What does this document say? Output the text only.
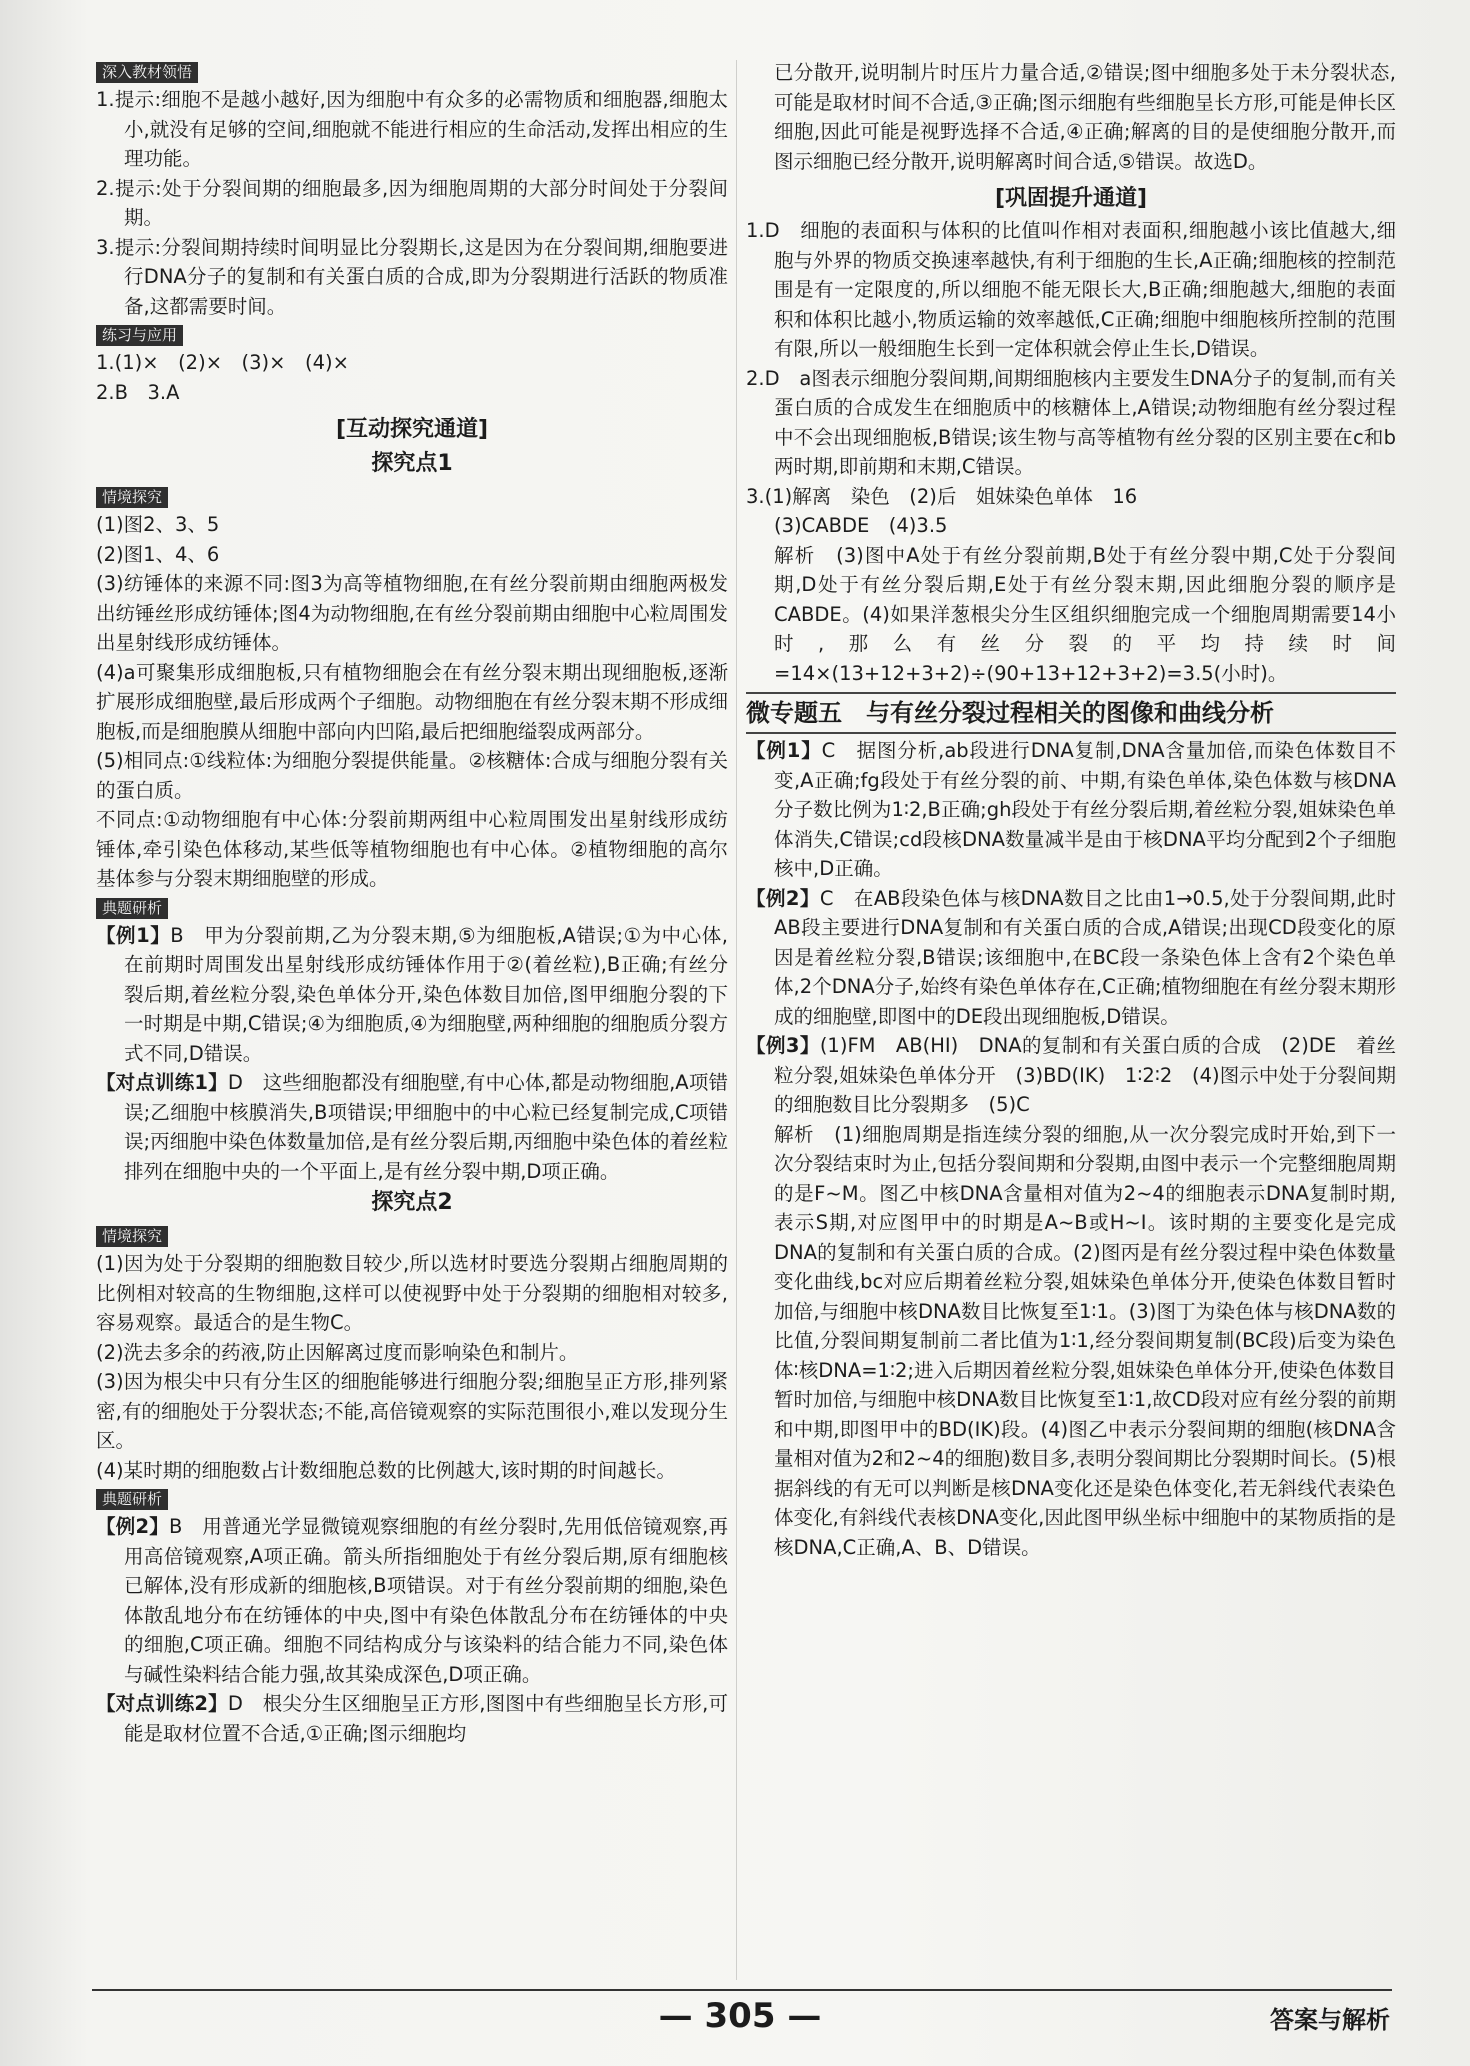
深入教材领悟

1.提示:细胞不是越小越好,因为细胞中有众多的必需物质和细胞器,细胞太小,就没有足够的空间,细胞就不能进行相应的生命活动,发挥出相应的生理功能。

2.提示:处于分裂间期的细胞最多,因为细胞周期的大部分时间处于分裂间期。

3.提示:分裂间期持续时间明显比分裂期长,这是因为在分裂间期,细胞要进行DNA分子的复制和有关蛋白质的合成,即为分裂期进行活跃的物质准备,这都需要时间。

练习与应用

1.(1)×　(2)×　(3)×　(4)×

2.B　3.A

[互动探究通道]
探究点1
情境探究

(1)图2、3、5

(2)图1、4、6

(3)纺锤体的来源不同:图3为高等植物细胞,在有丝分裂前期由细胞两极发出纺锤丝形成纺锤体;图4为动物细胞,在有丝分裂前期由细胞中心粒周围发出星射线形成纺锤体。

(4)a可聚集形成细胞板,只有植物细胞会在有丝分裂末期出现细胞板,逐渐扩展形成细胞壁,最后形成两个子细胞。动物细胞在有丝分裂末期不形成细胞板,而是细胞膜从细胞中部向内凹陷,最后把细胞缢裂成两部分。

(5)相同点:①线粒体:为细胞分裂提供能量。②核糖体:合成与细胞分裂有关的蛋白质。

不同点:①动物细胞有中心体:分裂前期两组中心粒周围发出星射线形成纺锤体,牵引染色体移动,某些低等植物细胞也有中心体。②植物细胞的高尔基体参与分裂末期细胞壁的形成。

典题研析

【例1】B　甲为分裂前期,乙为分裂末期,⑤为细胞板,A错误;①为中心体,在前期时周围发出星射线形成纺锤体作用于②(着丝粒),B正确;有丝分裂后期,着丝粒分裂,染色单体分开,染色体数目加倍,图甲细胞分裂的下一时期是中期,C错误;④为细胞质,④为细胞壁,两种细胞的细胞质分裂方式不同,D错误。

【对点训练1】D　这些细胞都没有细胞壁,有中心体,都是动物细胞,A项错误;乙细胞中核膜消失,B项错误;甲细胞中的中心粒已经复制完成,C项错误;丙细胞中染色体数量加倍,是有丝分裂后期,丙细胞中染色体的着丝粒排列在细胞中央的一个平面上,是有丝分裂中期,D项正确。

探究点2
情境探究

(1)因为处于分裂期的细胞数目较少,所以选材时要选分裂期占细胞周期的比例相对较高的生物细胞,这样可以使视野中处于分裂期的细胞相对较多,容易观察。最适合的是生物C。

(2)洗去多余的药液,防止因解离过度而影响染色和制片。

(3)因为根尖中只有分生区的细胞能够进行细胞分裂;细胞呈正方形,排列紧密,有的细胞处于分裂状态;不能,高倍镜观察的实际范围很小,难以发现分生区。

(4)某时期的细胞数占计数细胞总数的比例越大,该时期的时间越长。

典题研析

【例2】B　用普通光学显微镜观察细胞的有丝分裂时,先用低倍镜观察,再用高倍镜观察,A项正确。箭头所指细胞处于有丝分裂后期,原有细胞核已解体,没有形成新的细胞核,B项错误。对于有丝分裂前期的细胞,染色体散乱地分布在纺锤体的中央,图中有染色体散乱分布在纺锤体的中央的细胞,C项正确。细胞不同结构成分与该染料的结合能力不同,染色体与碱性染料结合能力强,故其染成深色,D项正确。

【对点训练2】D　根尖分生区细胞呈正方形,图图中有些细胞呈长方形,可能是取材位置不合适,①正确;图示细胞均

已分散开,说明制片时压片力量合适,②错误;图中细胞多处于未分裂状态,可能是取材时间不合适,③正确;图示细胞有些细胞呈长方形,可能是伸长区细胞,因此可能是视野选择不合适,④正确;解离的目的是使细胞分散开,而图示细胞已经分散开,说明解离时间合适,⑤错误。故选D。

[巩固提升通道]

1.D　细胞的表面积与体积的比值叫作相对表面积,细胞越小该比值越大,细胞与外界的物质交换速率越快,有利于细胞的生长,A正确;细胞核的控制范围是有一定限度的,所以细胞不能无限长大,B正确;细胞越大,细胞的表面积和体积比越小,物质运输的效率越低,C正确;细胞中细胞核所控制的范围有限,所以一般细胞生长到一定体积就会停止生长,D错误。

2.D　a图表示细胞分裂间期,间期细胞核内主要发生DNA分子的复制,而有关蛋白质的合成发生在细胞质中的核糖体上,A错误;动物细胞有丝分裂过程中不会出现细胞板,B错误;该生物与高等植物有丝分裂的区别主要在c和b两时期,即前期和末期,C错误。

3.(1)解离　染色　(2)后　姐妹染色单体　16

(3)CABDE　(4)3.5

解析　(3)图中A处于有丝分裂前期,B处于有丝分裂中期,C处于分裂间期,D处于有丝分裂后期,E处于有丝分裂末期,因此细胞分裂的顺序是CABDE。(4)如果洋葱根尖分生区组织细胞完成一个细胞周期需要14小时,那么有丝分裂的平均持续时间=14×(13+12+3+2)÷(90+13+12+3+2)=3.5(小时)。

微专题五　与有丝分裂过程相关的图像和曲线分析

【例1】C　据图分析,ab段进行DNA复制,DNA含量加倍,而染色体数目不变,A正确;fg段处于有丝分裂的前、中期,有染色单体,染色体数与核DNA分子数比例为1∶2,B正确;gh段处于有丝分裂后期,着丝粒分裂,姐妹染色单体消失,C错误;cd段核DNA数量减半是由于核DNA平均分配到2个子细胞核中,D正确。

【例2】C　在AB段染色体与核DNA数目之比由1→0.5,处于分裂间期,此时AB段主要进行DNA复制和有关蛋白质的合成,A错误;出现CD段变化的原因是着丝粒分裂,B错误;该细胞中,在BC段一条染色体上含有2个染色单体,2个DNA分子,始终有染色单体存在,C正确;植物细胞在有丝分裂末期形成的细胞壁,即图中的DE段出现细胞板,D错误。

【例3】(1)FM　AB(HI)　DNA的复制和有关蛋白质的合成　(2)DE　着丝粒分裂,姐妹染色单体分开　(3)BD(IK)　1∶2∶2　(4)图示中处于分裂间期的细胞数目比分裂期多　(5)C

解析　(1)细胞周期是指连续分裂的细胞,从一次分裂完成时开始,到下一次分裂结束时为止,包括分裂间期和分裂期,由图中表示一个完整细胞周期的是F~M。图乙中核DNA含量相对值为2~4的细胞表示DNA复制时期,表示S期,对应图甲中的时期是A~B或H~I。该时期的主要变化是完成DNA的复制和有关蛋白质的合成。(2)图丙是有丝分裂过程中染色体数量变化曲线,bc对应后期着丝粒分裂,姐妹染色单体分开,使染色体数目暂时加倍,与细胞中核DNA数目比恢复至1∶1。(3)图丁为染色体与核DNA数的比值,分裂间期复制前二者比值为1∶1,经分裂间期复制(BC段)后变为染色体∶核DNA=1∶2;进入后期因着丝粒分裂,姐妹染色单体分开,使染色体数目暂时加倍,与细胞中核DNA数目比恢复至1∶1,故CD段对应有丝分裂的前期和中期,即图甲中的BD(IK)段。(4)图乙中表示分裂间期的细胞(核DNA含量相对值为2和2~4的细胞)数目多,表明分裂间期比分裂期时间长。(5)根据斜线的有无可以判断是核DNA变化还是染色体变化,若无斜线代表染色体变化,有斜线代表核DNA变化,因此图甲纵坐标中细胞中的某物质指的是核DNA,C正确,A、B、D错误。

— 305 —	答案与解析
